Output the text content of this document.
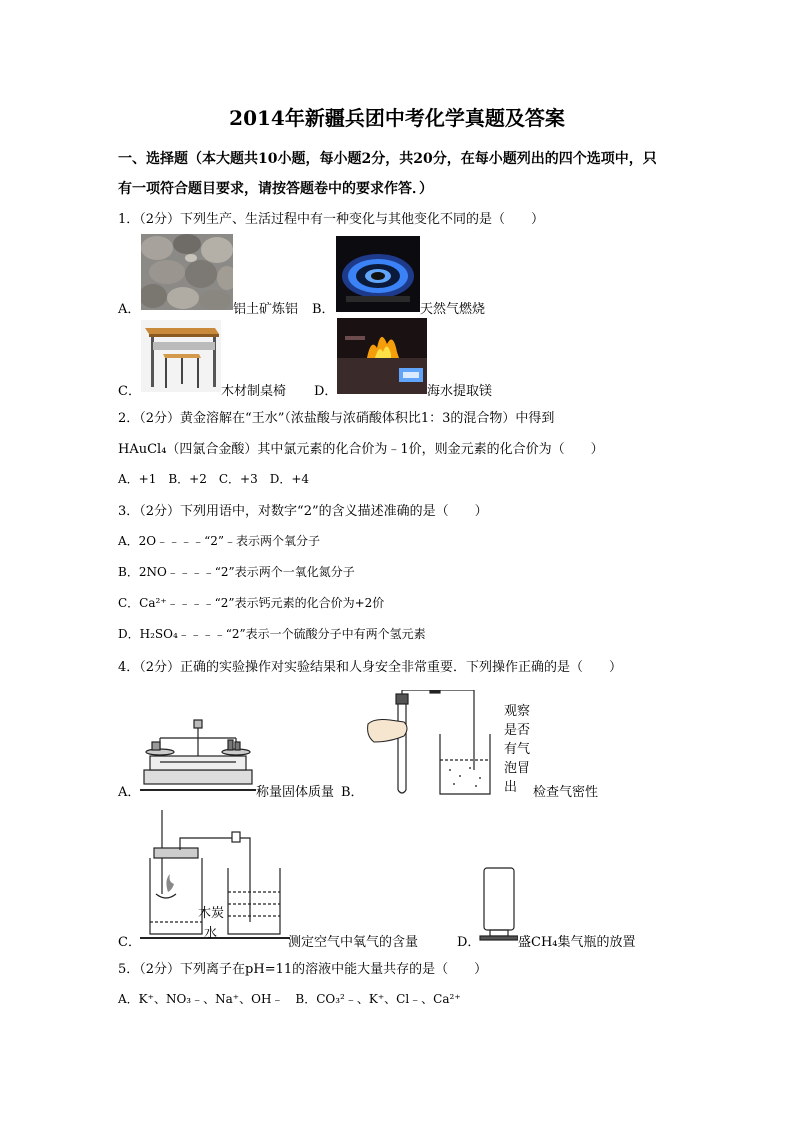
2014年新疆兵团中考化学真题及答案
一、选择题（本大题共10小题，每小题2分，共20分，在每小题列出的四个选项中，只
有一项符合题目要求，请按答题卷中的要求作答．）
1．（2分）下列生产、生活过程中有一种变化与其他变化不同的是（　　）
A．	铝土矿炼铝 B．	天然气燃烧
C．	木材制桌椅 D．	海水提取镁
2．（2分）黄金溶解在“王水”（浓盐酸与浓硝酸体积比1：3的混合物）中得到
HAuCl₄（四氯合金酸）其中氯元素的化合价为﹣1价，则金元素的化合价为（　　）
A．+1　B．+2　C．+3　D．+4
3．（2分）下列用语中，对数字“2”的含义描述准确的是（　　）
A．2O﹣﹣﹣﹣“2”﹣表示两个氧分子
B．2NO﹣﹣﹣﹣“2”表示两个一氧化氮分子
C．Ca²⁺﹣﹣﹣﹣“2”表示钙元素的化合价为+2价
D．H₂SO₄﹣﹣﹣﹣“2”表示一个硫酸分子中有两个氢元素
4．（2分）正确的实验操作对实验结果和人身安全非常重要．下列操作正确的是（　　）
A．	称量固体质量 B．
观察
是否
有气
泡冒
出	检查气密性
木炭
水
C．	测定空气中氧气的含量	D．	盛CH₄集气瓶的放置
5．（2分）下列离子在pH=11的溶液中能大量共存的是（　　）
A．K⁺、NO₃﹣、Na⁺、OH﹣　B．CO₃²﹣、K⁺、Cl﹣、Ca²⁺
